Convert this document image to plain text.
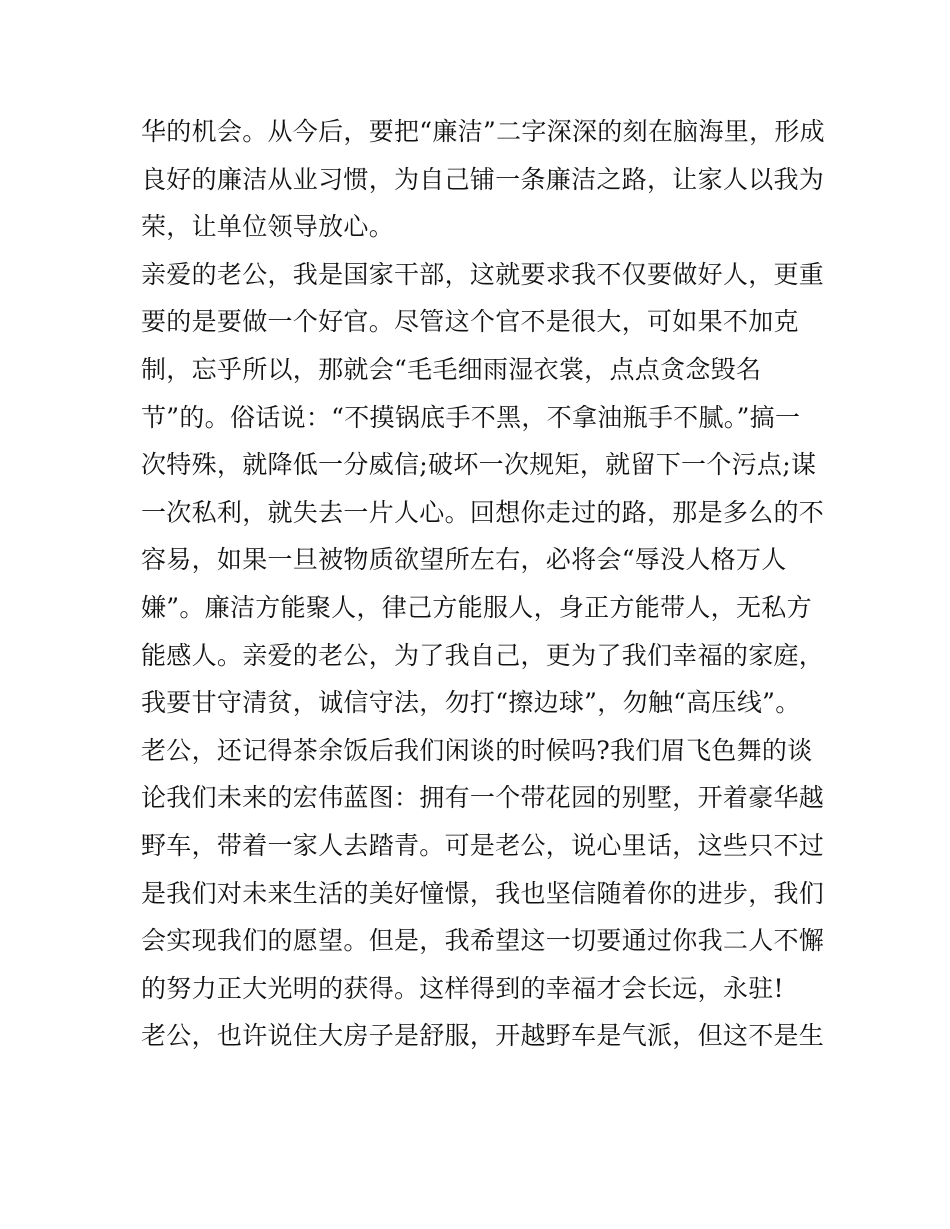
华的机会。从今后，要把“廉洁”二字深深的刻在脑海里，形成
良好的廉洁从业习惯，为自己铺一条廉洁之路，让家人以我为
荣，让单位领导放心。
亲爱的老公，我是国家干部，这就要求我不仅要做好人，更重
要的是要做一个好官。尽管这个官不是很大，可如果不加克
制，忘乎所以，那就会“毛毛细雨湿衣裳，点点贪念毁名
节”的。俗话说：“不摸锅底手不黑，不拿油瓶手不腻。”搞一
次特殊，就降低一分威信;破坏一次规矩，就留下一个污点;谋
一次私利，就失去一片人心。回想你走过的路，那是多么的不
容易，如果一旦被物质欲望所左右，必将会“辱没人格万人
嫌”。廉洁方能聚人，律己方能服人，身正方能带人，无私方
能感人。亲爱的老公，为了我自己，更为了我们幸福的家庭，
我要甘守清贫，诚信守法，勿打“擦边球”，勿触“高压线”。
老公，还记得茶余饭后我们闲谈的时候吗?我们眉飞色舞的谈
论我们未来的宏伟蓝图：拥有一个带花园的别墅，开着豪华越
野车，带着一家人去踏青。可是老公，说心里话，这些只不过
是我们对未来生活的美好憧憬，我也坚信随着你的进步，我们
会实现我们的愿望。但是，我希望这一切要通过你我二人不懈
的努力正大光明的获得。这样得到的幸福才会长远，永驻!
老公，也许说住大房子是舒服，开越野车是气派，但这不是生
